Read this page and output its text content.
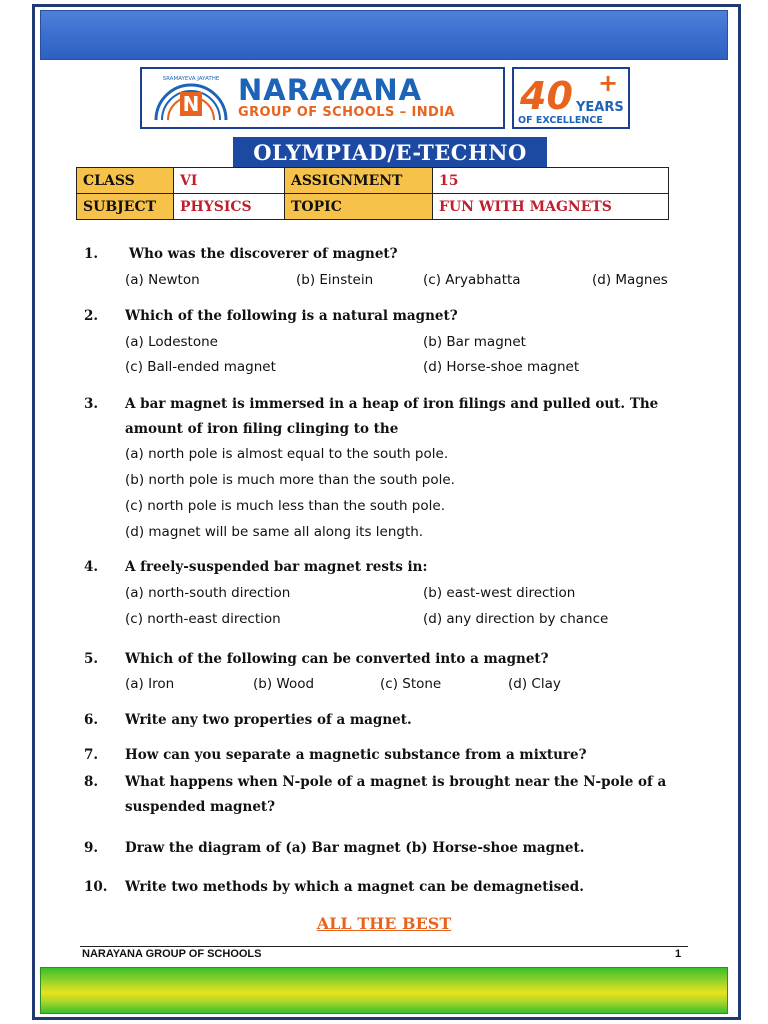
N
SRAMAYEVA JAYATHE NARAYANA
GROUP OF SCHOOLS – INDIA 40 +
YEARS
OF EXCELLENCE
OLYMPIAD/E-TECHNO
CLASS	VI	ASSIGNMENT	15
SUBJECT	PHYSICS	TOPIC	FUN WITH MAGNETS
1. Who was the discoverer of magnet?
(a) Newton	(b) Einstein	(c) Aryabhatta	(d) Magnes
2. Which of the following is a natural magnet?
(a) Lodestone	(b) Bar magnet
(c) Ball-ended magnet	(d) Horse-shoe magnet
3. A bar magnet is immersed in a heap of iron filings and pulled out. The
amount of iron filing clinging to the
(a) north pole is almost equal to the south pole.
(b) north pole is much more than the south pole.
(c) north pole is much less than the south pole.
(d) magnet will be same all along its length.
4. A freely-suspended bar magnet rests in:
(a) north-south direction	(b) east-west direction
(c) north-east direction	(d) any direction by chance
5. Which of the following can be converted into a magnet?
(a) Iron	(b) Wood	(c) Stone	(d) Clay
6. Write any two properties of a magnet.
7. How can you separate a magnetic substance from a mixture?
8. What happens when N-pole of a magnet is brought near the N-pole of a
suspended magnet?
9. Draw the diagram of (a) Bar magnet (b) Horse-shoe magnet.
10. Write two methods by which a magnet can be demagnetised.
ALL THE BEST
NARAYANA GROUP OF SCHOOLS	1
